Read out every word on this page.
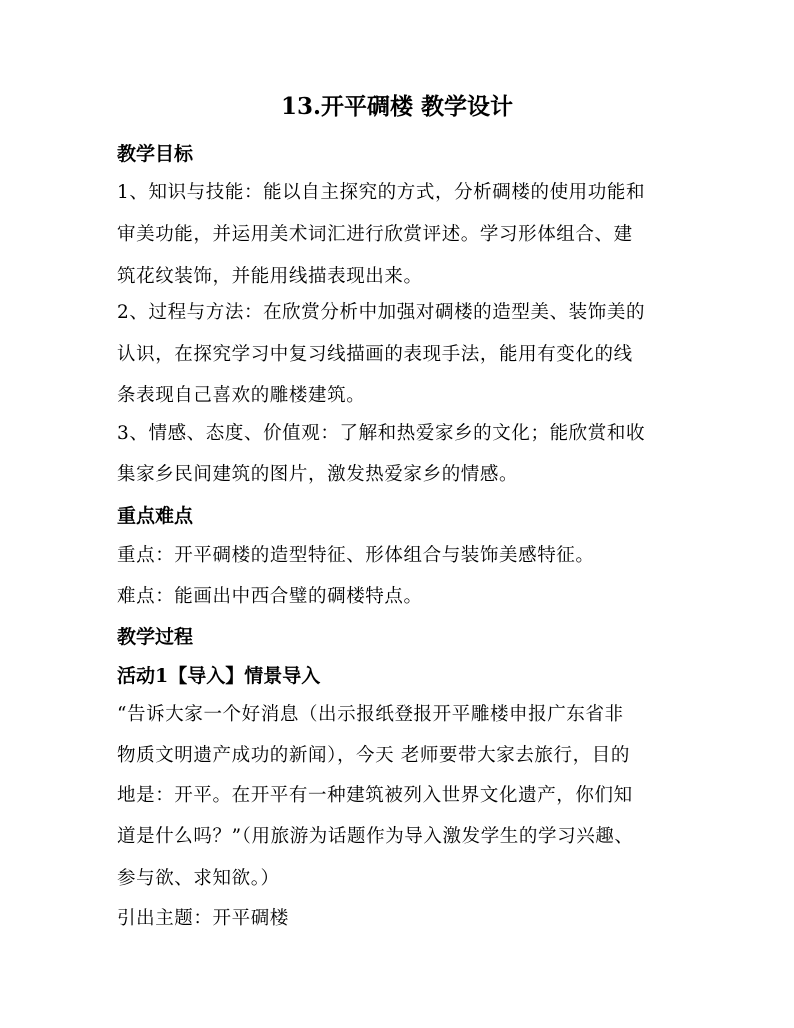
13.开平碉楼 教学设计
教学目标
1、知识与技能：能以自主探究的方式，分析碉楼的使用功能和
审美功能，并运用美术词汇进行欣赏评述。学习形体组合、建
筑花纹装饰，并能用线描表现出来。
2、过程与方法：在欣赏分析中加强对碉楼的造型美、装饰美的
认识，在探究学习中复习线描画的表现手法，能用有变化的线
条表现自己喜欢的雕楼建筑。
3、情感、态度、价值观：了解和热爱家乡的文化；能欣赏和收
集家乡民间建筑的图片，激发热爱家乡的情感。
重点难点
重点：开平碉楼的造型特征、形体组合与装饰美感特征。
难点：能画出中西合璧的碉楼特点。
教学过程
活动1【导入】情景导入
“告诉大家一个好消息（出示报纸登报开平雕楼申报广东省非
物质文明遗产成功的新闻），今天 老师要带大家去旅行，目的
地是：开平。在开平有一种建筑被列入世界文化遗产，你们知
道是什么吗？”（用旅游为话题作为导入激发学生的学习兴趣、
参与欲、求知欲。）
引出主题：开平碉楼
